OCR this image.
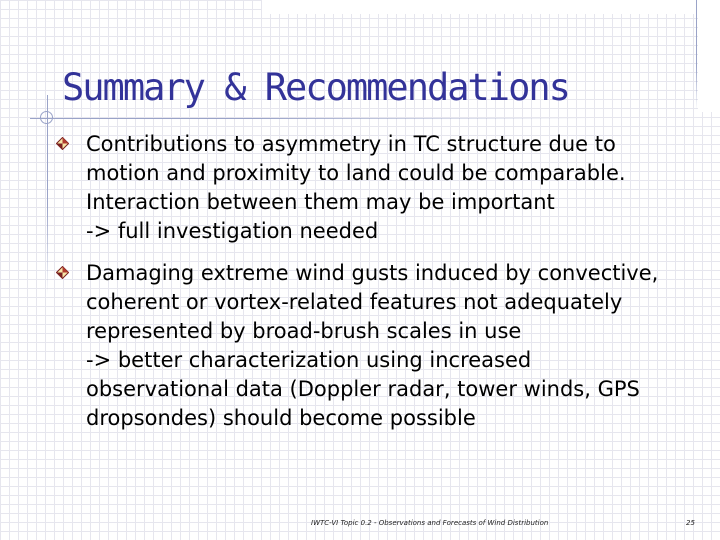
Summary & Recommendations
Contributions to asymmetry in TC structure due to
motion and proximity to land could be comparable.
Interaction between them may be important
-> full investigation needed
Damaging extreme wind gusts induced by convective,
coherent or vortex-related features not adequately
represented by broad-brush scales in use
-> better characterization using increased
observational data (Doppler radar, tower winds, GPS
dropsondes) should become possible
IWTC-VI Topic 0.2 - Observations and Forecasts of Wind Distribution	25
